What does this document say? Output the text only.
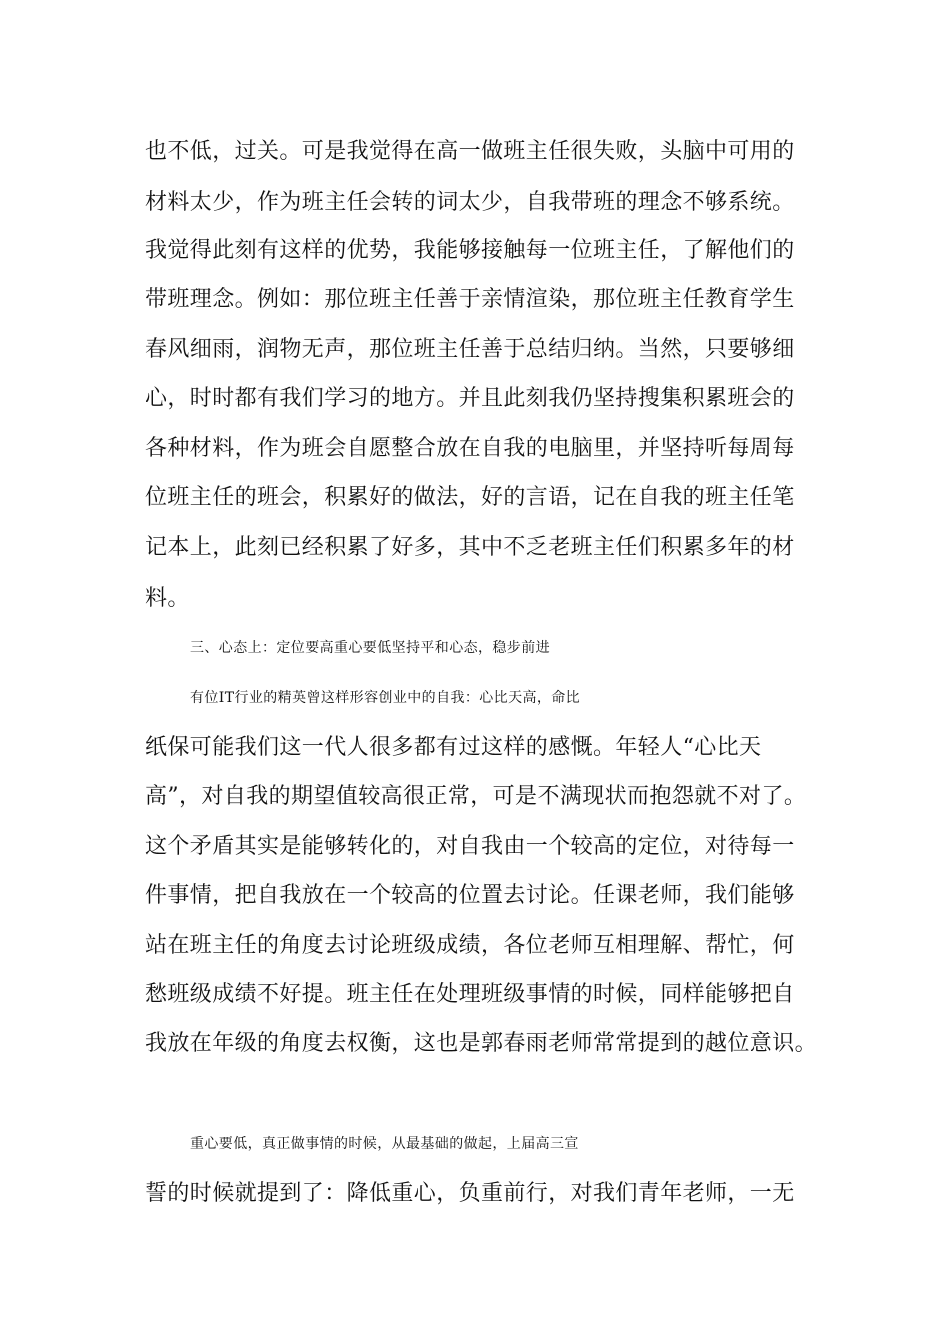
也不低，过关。可是我觉得在高一做班主任很失败，头脑中可用的
材料太少，作为班主任会转的词太少，自我带班的理念不够系统。
我觉得此刻有这样的优势，我能够接触每一位班主任，了解他们的
带班理念。例如：那位班主任善于亲情渲染，那位班主任教育学生
春风细雨，润物无声，那位班主任善于总结归纳。当然，只要够细
心，时时都有我们学习的地方。并且此刻我仍坚持搜集积累班会的
各种材料，作为班会自愿整合放在自我的电脑里，并坚持听每周每
位班主任的班会，积累好的做法，好的言语，记在自我的班主任笔
记本上，此刻已经积累了好多，其中不乏老班主任们积累多年的材
料。
三、心态上：定位要高重心要低坚持平和心态，稳步前进
有位IT行业的精英曾这样形容创业中的自我：心比天高，命比
纸保可能我们这一代人很多都有过这样的感慨。年轻人“心比天
高”，对自我的期望值较高很正常，可是不满现状而抱怨就不对了。
这个矛盾其实是能够转化的，对自我由一个较高的定位，对待每一
件事情，把自我放在一个较高的位置去讨论。任课老师，我们能够
站在班主任的角度去讨论班级成绩，各位老师互相理解、帮忙，何
愁班级成绩不好提。班主任在处理班级事情的时候，同样能够把自
我放在年级的角度去权衡，这也是郭春雨老师常常提到的越位意识。
重心要低，真正做事情的时候，从最基础的做起，上届高三宣
誓的时候就提到了：降低重心，负重前行，对我们青年老师，一无
